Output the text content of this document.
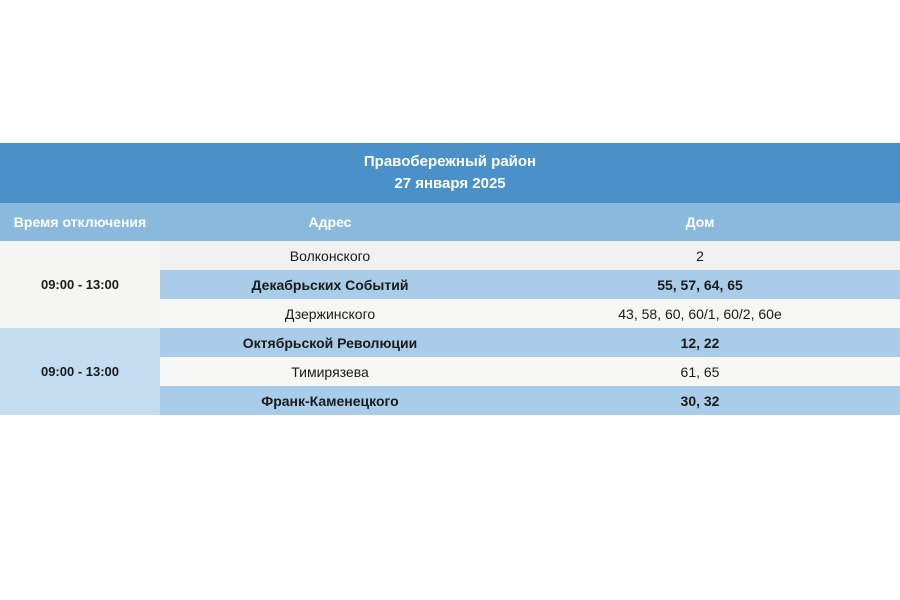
Правобережный район
27 января 2025		

Время отключения	Адрес	Дом
09:00 - 13:00	Волконского	2
	Декабрьских Событий	55, 57, 64, 65
	Дзержинского	43, 58, 60, 60/1, 60/2, 60е
09:00 - 13:00	Октябрьской Революции	12, 22
	Тимирязева	61, 65
	Франк-Каменецкого	30, 32
